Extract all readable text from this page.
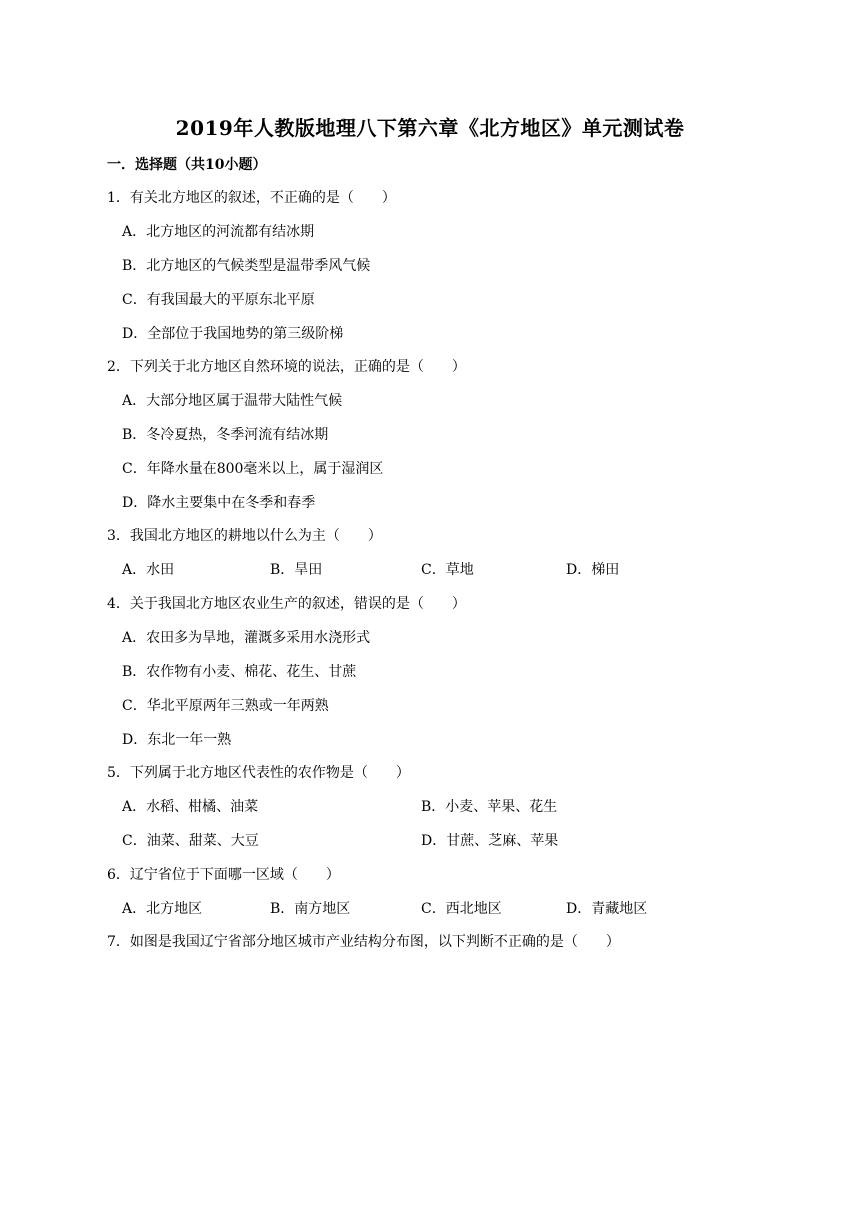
2019年人教版地理八下第六章《北方地区》单元测试卷
一．选择题（共10小题）
1．有关北方地区的叙述，不正确的是（　　）
A．北方地区的河流都有结冰期
B．北方地区的气候类型是温带季风气候
C．有我国最大的平原东北平原
D．全部位于我国地势的第三级阶梯
2．下列关于北方地区自然环境的说法，正确的是（　　）
A．大部分地区属于温带大陆性气候
B．冬冷夏热，冬季河流有结冰期
C．年降水量在800毫米以上，属于湿润区
D．降水主要集中在冬季和春季
3．我国北方地区的耕地以什么为主（　　）
A．水田	B．旱田	C．草地	D．梯田
4．关于我国北方地区农业生产的叙述，错误的是（　　）
A．农田多为旱地，灌溉多采用水浇形式
B．农作物有小麦、棉花、花生、甘蔗
C．华北平原两年三熟或一年两熟
D．东北一年一熟
5．下列属于北方地区代表性的农作物是（　　）
A．水稻、柑橘、油菜	B．小麦、苹果、花生
C．油菜、甜菜、大豆	D．甘蔗、芝麻、苹果
6．辽宁省位于下面哪一区域（　　）
A．北方地区	B．南方地区	C．西北地区	D．青藏地区
7．如图是我国辽宁省部分地区城市产业结构分布图，以下判断不正确的是（　　）
